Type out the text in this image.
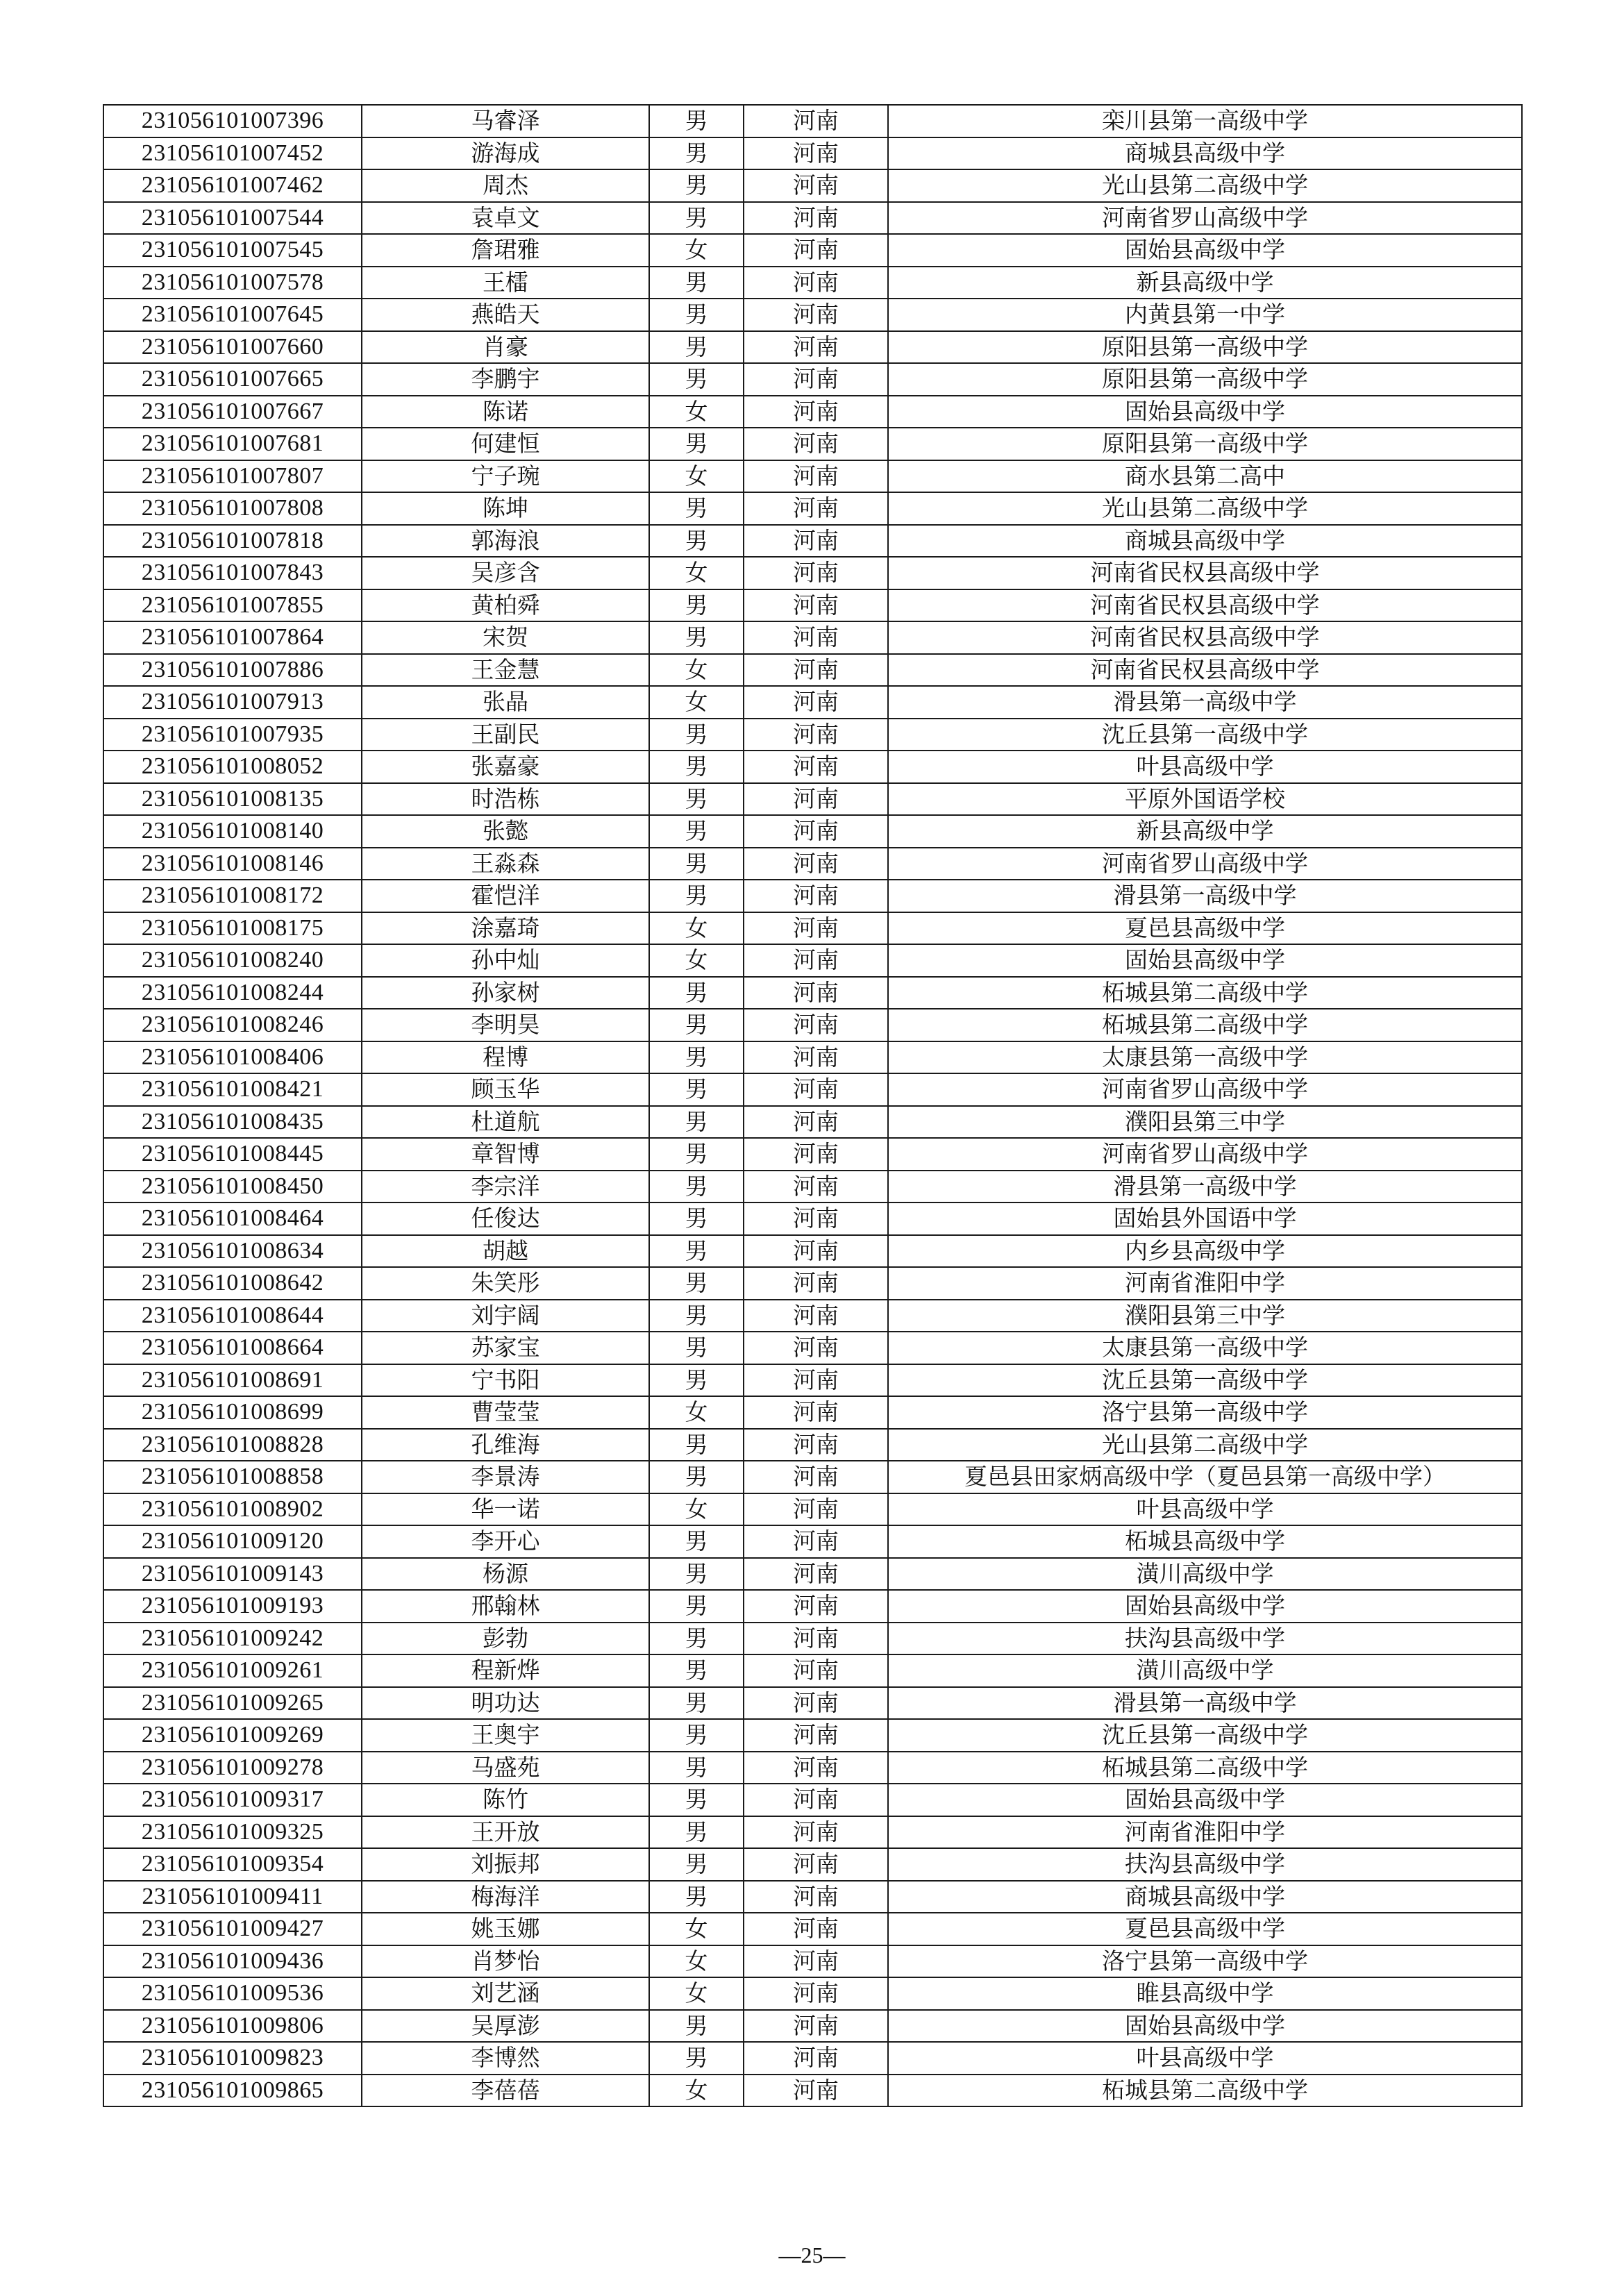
231056101007396	马睿泽	男	河南	栾川县第一高级中学
231056101007452	游海成	男	河南	商城县高级中学
231056101007462	周杰	男	河南	光山县第二高级中学
231056101007544	袁卓文	男	河南	河南省罗山高级中学
231056101007545	詹珺雅	女	河南	固始县高级中学
231056101007578	王檑	男	河南	新县高级中学
231056101007645	燕皓天	男	河南	内黄县第一中学
231056101007660	肖豪	男	河南	原阳县第一高级中学
231056101007665	李鹏宇	男	河南	原阳县第一高级中学
231056101007667	陈诺	女	河南	固始县高级中学
231056101007681	何建恒	男	河南	原阳县第一高级中学
231056101007807	宁子琬	女	河南	商水县第二高中
231056101007808	陈坤	男	河南	光山县第二高级中学
231056101007818	郭海浪	男	河南	商城县高级中学
231056101007843	吴彦含	女	河南	河南省民权县高级中学
231056101007855	黄柏舜	男	河南	河南省民权县高级中学
231056101007864	宋贺	男	河南	河南省民权县高级中学
231056101007886	王金慧	女	河南	河南省民权县高级中学
231056101007913	张晶	女	河南	滑县第一高级中学
231056101007935	王副民	男	河南	沈丘县第一高级中学
231056101008052	张嘉豪	男	河南	叶县高级中学
231056101008135	时浩栋	男	河南	平原外国语学校
231056101008140	张懿	男	河南	新县高级中学
231056101008146	王淼森	男	河南	河南省罗山高级中学
231056101008172	霍恺洋	男	河南	滑县第一高级中学
231056101008175	涂嘉琦	女	河南	夏邑县高级中学
231056101008240	孙中灿	女	河南	固始县高级中学
231056101008244	孙家树	男	河南	柘城县第二高级中学
231056101008246	李明昊	男	河南	柘城县第二高级中学
231056101008406	程博	男	河南	太康县第一高级中学
231056101008421	顾玉华	男	河南	河南省罗山高级中学
231056101008435	杜道航	男	河南	濮阳县第三中学
231056101008445	章智博	男	河南	河南省罗山高级中学
231056101008450	李宗洋	男	河南	滑县第一高级中学
231056101008464	任俊达	男	河南	固始县外国语中学
231056101008634	胡越	男	河南	内乡县高级中学
231056101008642	朱笑彤	男	河南	河南省淮阳中学
231056101008644	刘宇阔	男	河南	濮阳县第三中学
231056101008664	苏家宝	男	河南	太康县第一高级中学
231056101008691	宁书阳	男	河南	沈丘县第一高级中学
231056101008699	曹莹莹	女	河南	洛宁县第一高级中学
231056101008828	孔维海	男	河南	光山县第二高级中学
231056101008858	李景涛	男	河南	夏邑县田家炳高级中学（夏邑县第一高级中学）
231056101008902	华一诺	女	河南	叶县高级中学
231056101009120	李开心	男	河南	柘城县高级中学
231056101009143	杨源	男	河南	潢川高级中学
231056101009193	邢翰林	男	河南	固始县高级中学
231056101009242	彭勃	男	河南	扶沟县高级中学
231056101009261	程新烨	男	河南	潢川高级中学
231056101009265	明功达	男	河南	滑县第一高级中学
231056101009269	王奥宇	男	河南	沈丘县第一高级中学
231056101009278	马盛苑	男	河南	柘城县第二高级中学
231056101009317	陈竹	男	河南	固始县高级中学
231056101009325	王开放	男	河南	河南省淮阳中学
231056101009354	刘振邦	男	河南	扶沟县高级中学
231056101009411	梅海洋	男	河南	商城县高级中学
231056101009427	姚玉娜	女	河南	夏邑县高级中学
231056101009436	肖梦怡	女	河南	洛宁县第一高级中学
231056101009536	刘艺涵	女	河南	睢县高级中学
231056101009806	吴厚澎	男	河南	固始县高级中学
231056101009823	李博然	男	河南	叶县高级中学
231056101009865	李蓓蓓	女	河南	柘城县第二高级中学
—25—
